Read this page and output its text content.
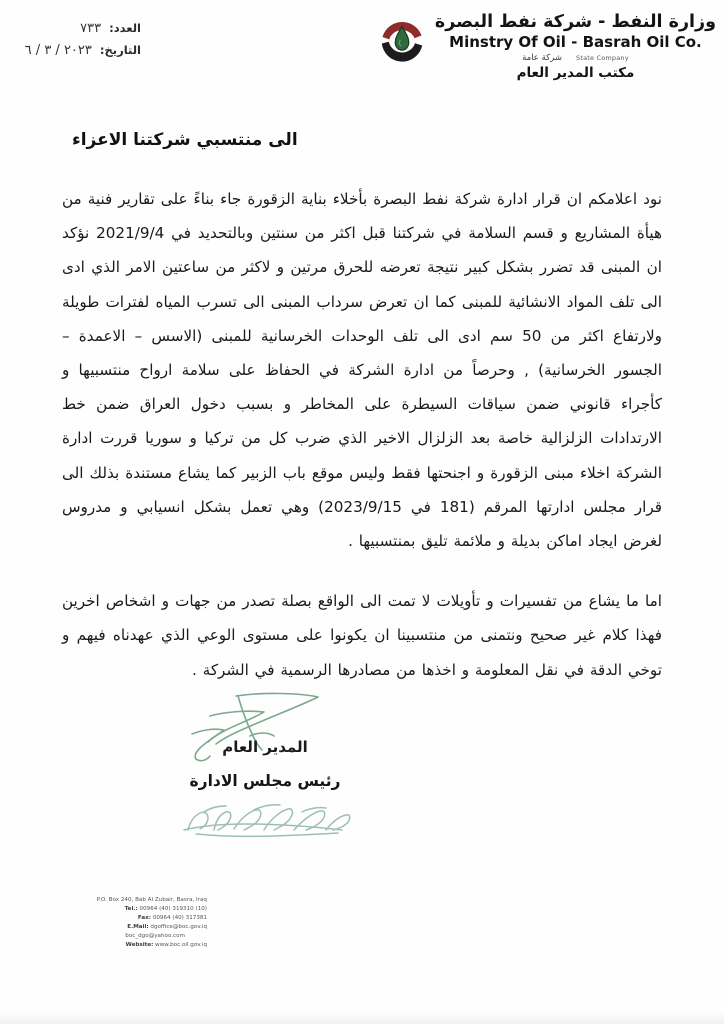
وزارة النفط - شركة نفط البصرة
Minstry Of Oil - Basrah Oil Co.
State Company
شركة عامة
مكتب المدير العام
العدد:
٧٣٣
التاريخ:
٢٠٢٣ / ٣ / ٦
الى منتسبي شركتنا الاعزاء

نود اعلامكم ان قرار ادارة شركة نفط البصرة بأخلاء بناية الزقورة جاء بناءً على تقارير فنية من هيأة المشاريع و قسم السلامة في شركتنا قبل اكثر من سنتين وبالتحديد في 2021/9/4 نؤكد ان المبنى قد تضرر بشكل كبير نتيجة تعرضه للحرق مرتين و لاكثر من ساعتين الامر الذي ادى الى تلف المواد الانشائية للمبنى كما ان تعرض سرداب المبنى الى تسرب المياه لفترات طويلة ولارتفاع اكثر من 50 سم ادى الى تلف الوحدات الخرسانية للمبنى (الاسس – الاعمدة – الجسور الخرسانية) , وحرصاً من ادارة الشركة في الحفاظ على سلامة ارواح منتسبيها و كأجراء قانوني ضمن سياقات السيطرة على المخاطر و بسبب دخول العراق ضمن خط الارتدادات الزلزالية خاصة بعد الزلزال الاخير الذي ضرب كل من تركيا و سوريا قررت ادارة الشركة اخلاء مبنى الزقورة و اجنحتها فقط وليس موقع باب الزبير كما يشاع مستندة بذلك الى قرار مجلس ادارتها المرقم (181 في 2023/9/15) وهي تعمل بشكل انسيابي و مدروس لغرض ايجاد اماكن بديلة و ملائمة تليق بمنتسبيها .

اما ما يشاع من تفسيرات و تأويلات لا تمت الى الواقع بصلة تصدر من جهات و اشخاص اخرين فهذا كلام غير صحيح ونتمنى من منتسبينا ان يكونوا على مستوى الوعي الذي عهدناه فيهم و توخي الدقة في نقل المعلومة و اخذها من مصادرها الرسمية في الشركة .

المدير العام
رئيس مجلس الادارة
P.O. Box 240, Bab Al Zubair, Basra, Iraq
Tel.: 00964 (40) 319310 (10)
Fax: 00964 (40) 317381
E.Mail: dgoffice@boc.gov.iq
boc_dgo@yahoo.com
Website: www.boc.oil.gov.iq
